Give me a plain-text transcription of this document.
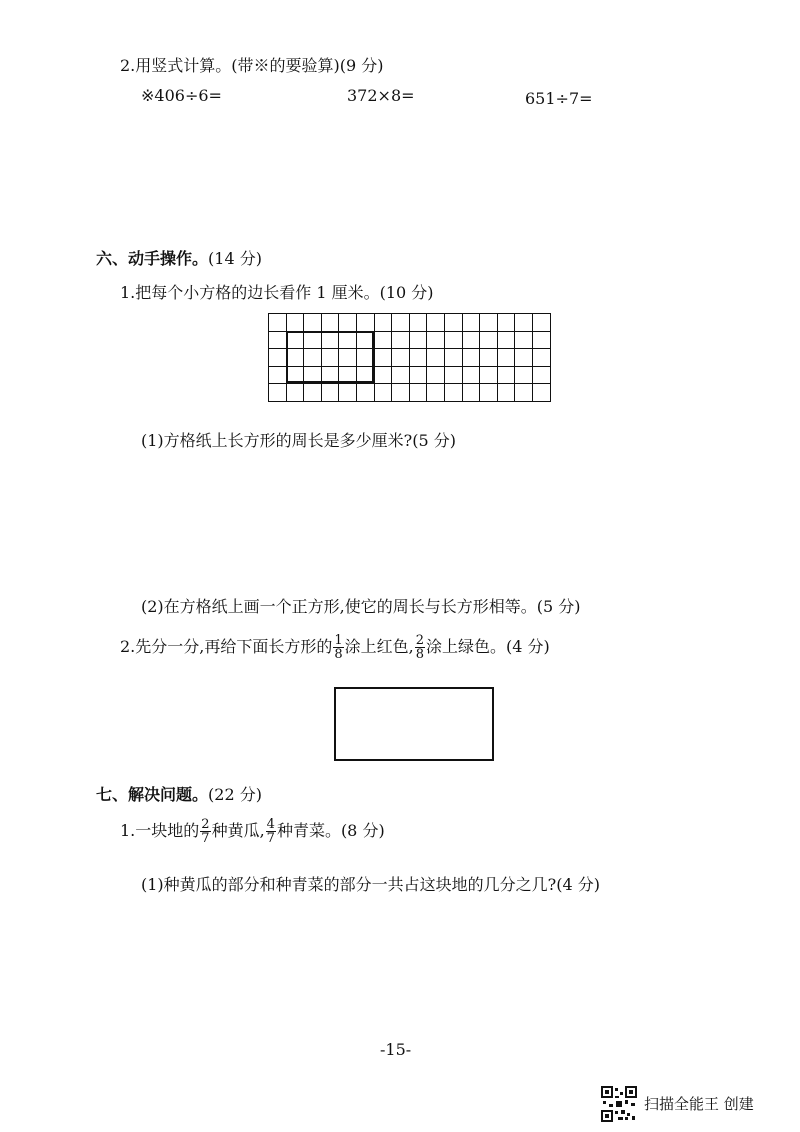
2.用竖式计算。(带※的要验算)(9 分)
※406÷6=	372×8=	651÷7=
六、动手操作。(14 分)
1.把每个小方格的边长看作 1 厘米。(10 分)
(1)方格纸上长方形的周长是多少厘米?(5 分)
(2)在方格纸上画一个正方形,使它的周长与长方形相等。(5 分)
2.先分一分,再给下面长方形的 $\frac{1}{8}$ 涂上红色, $\frac{2}{8}$ 涂上绿色。(4 分)
七、解决问题。(22 分)
1.一块地的 $\frac{2}{7}$ 种黄瓜, $\frac{4}{7}$ 种青菜。(8 分)
(1)种黄瓜的部分和种青菜的部分一共占这块地的几分之几?(4 分)
-15-
扫描全能王 创建
